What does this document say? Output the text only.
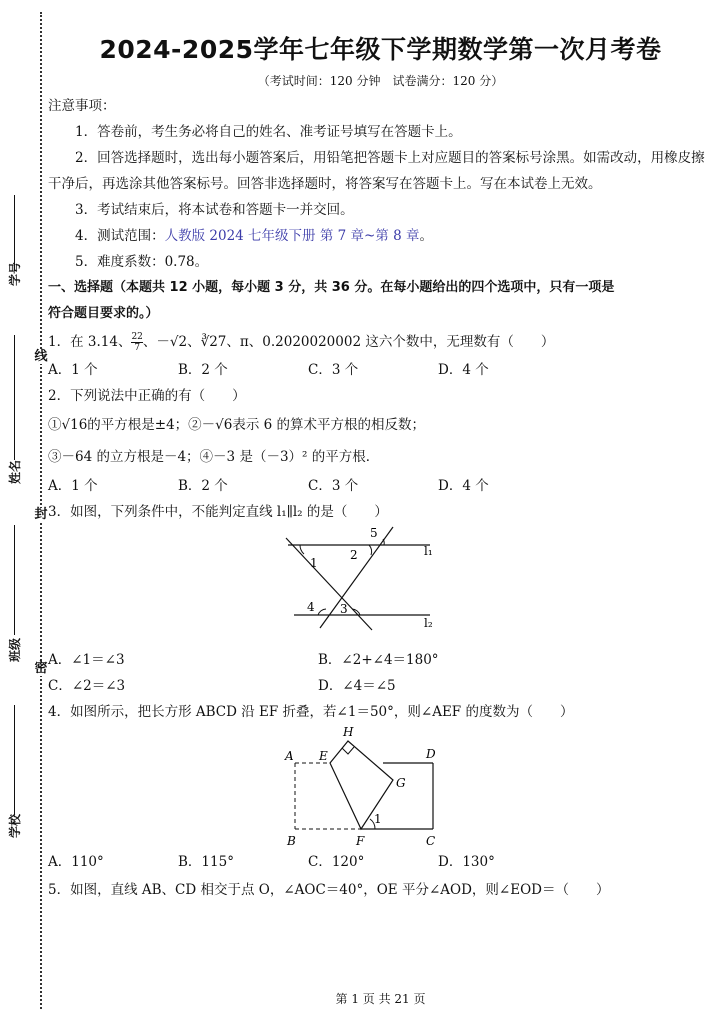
学号
姓名
班级
学校
线
封
密
2024-2025学年七年级下学期数学第一次月考卷
（考试时间：120 分钟　试卷满分：120 分）
注意事项：
1．答卷前，考生务必将自己的姓名、准考证号填写在答题卡上。
2．回答选择题时，选出每小题答案后，用铅笔把答题卡上对应题目的答案标号涂黑。如需改动，用橡皮擦干净后，再选涂其他答案标号。回答非选择题时，将答案写在答题卡上。写在本试卷上无效。
3．考试结束后，将本试卷和答题卡一并交回。
4．测试范围：人教版 2024 七年级下册 第 7 章~第 8 章。
5．难度系数：0.78。
一、选择题（本题共 12 小题，每小题 3 分，共 36 分。在每小题给出的四个选项中，只有一项是
符合题目要求的。）
1．在 3.14、 $\frac{22}{7}$ 、－√2、∛27、π、0.2020020002 这六个数中，无理数有（　　）
A．1 个	B．2 个	C．3 个	D．4 个
2．下列说法中正确的有（　　）
①√16的平方根是±4；②－√6表示 6 的算术平方根的相反数；
③－64 的立方根是－4；④－3 是（－3）² 的平方根．
A．1 个	B．2 个	C．3 个	D．4 个
3．如图，下列条件中，不能判定直线 l₁∥l₂ 的是（　　）
5
1
2	l₁
4 3
l₂
A．∠1＝∠3	B．∠2+∠4＝180°
C．∠2＝∠3	D．∠4＝∠5
4．如图所示，把长方形 ABCD 沿 EF 折叠，若∠1＝50°，则∠AEF 的度数为（　　）
H
A E	D
G
1
B	F	C
A．110°	B．115°	C．120°	D．130°
5．如图，直线 AB、CD 相交于点 O，∠AOC＝40°，OE 平分∠AOD，则∠EOD＝（　　）
第 1 页 共 21 页
